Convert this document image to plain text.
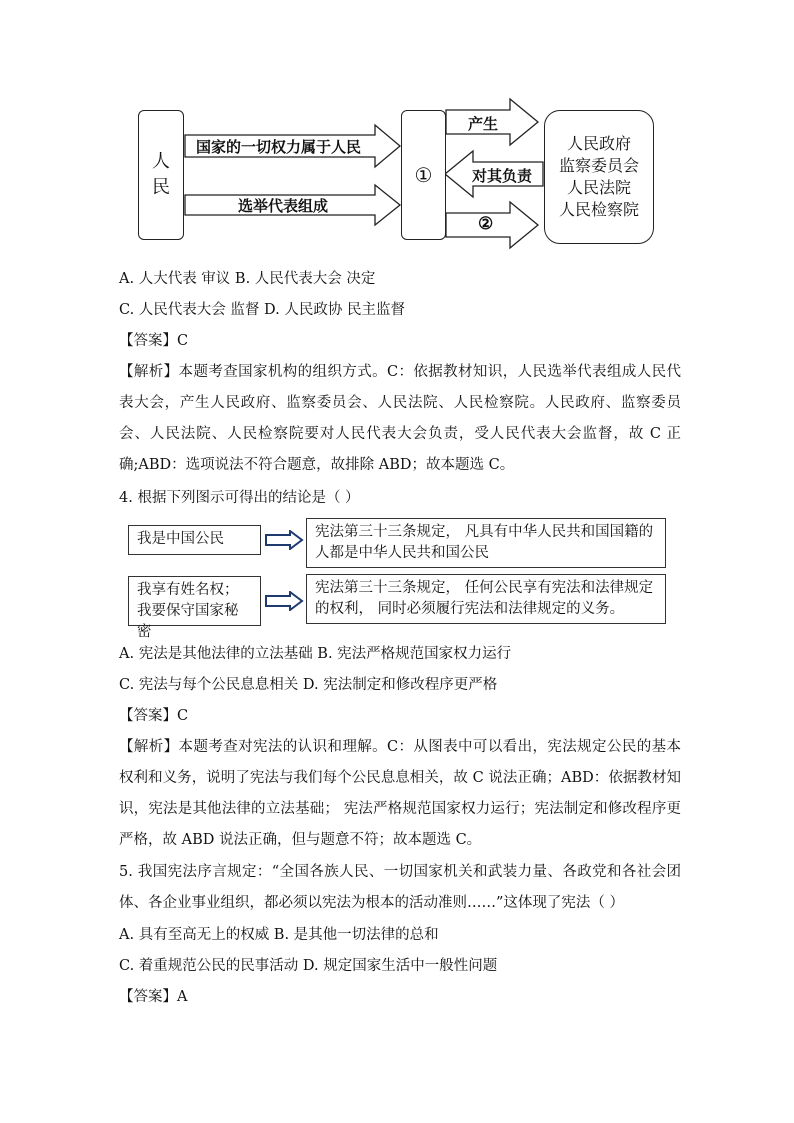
人
民
国家的一切权力属于人民
选举代表组成
①
产生
对其负责
②
人民政府
监察委员会
人民法院
人民检察院
A. 人大代表 审议 B. 人民代表大会 决定
C. 人民代表大会 监督 D. 人民政协 民主监督
【答案】C
【解析】本题考查国家机构的组织方式。C：依据教材知识，人民选举代表组成人民代表大会，产生人民政府、监察委员会、人民法院、人民检察院。人民政府、监察委员会、人民法院、人民检察院要对人民代表大会负责，受人民代表大会监督，故 C 正确;ABD：选项说法不符合题意，故排除 ABD；故本题选 C。
4. 根据下列图示可得出的结论是（ ）
我是中国公民	宪法第三十三条规定， 凡具有中华人民共和国国籍的人都是中华人民共和国公民
我享有姓名权；我要保守国家秘密
宪法第三十三条规定， 任何公民享有宪法和法律规定的权利， 同时必须履行宪法和法律规定的义务。
A. 宪法是其他法律的立法基础 B. 宪法严格规范国家权力运行
C. 宪法与每个公民息息相关 D. 宪法制定和修改程序更严格
【答案】C
【解析】本题考查对宪法的认识和理解。C：从图表中可以看出，宪法规定公民的基本权利和义务，说明了宪法与我们每个公民息息相关，故 C 说法正确；ABD：依据教材知识，宪法是其他法律的立法基础； 宪法严格规范国家权力运行；宪法制定和修改程序更严格，故 ABD 说法正确，但与题意不符；故本题选 C。
5. 我国宪法序言规定：“全国各族人民、一切国家机关和武装力量、各政党和各社会团体、各企业事业组织，都必须以宪法为根本的活动准则……”这体现了宪法（ ）
A. 具有至高无上的权威 B. 是其他一切法律的总和
C. 着重规范公民的民事活动 D. 规定国家生活中一般性问题
【答案】A
